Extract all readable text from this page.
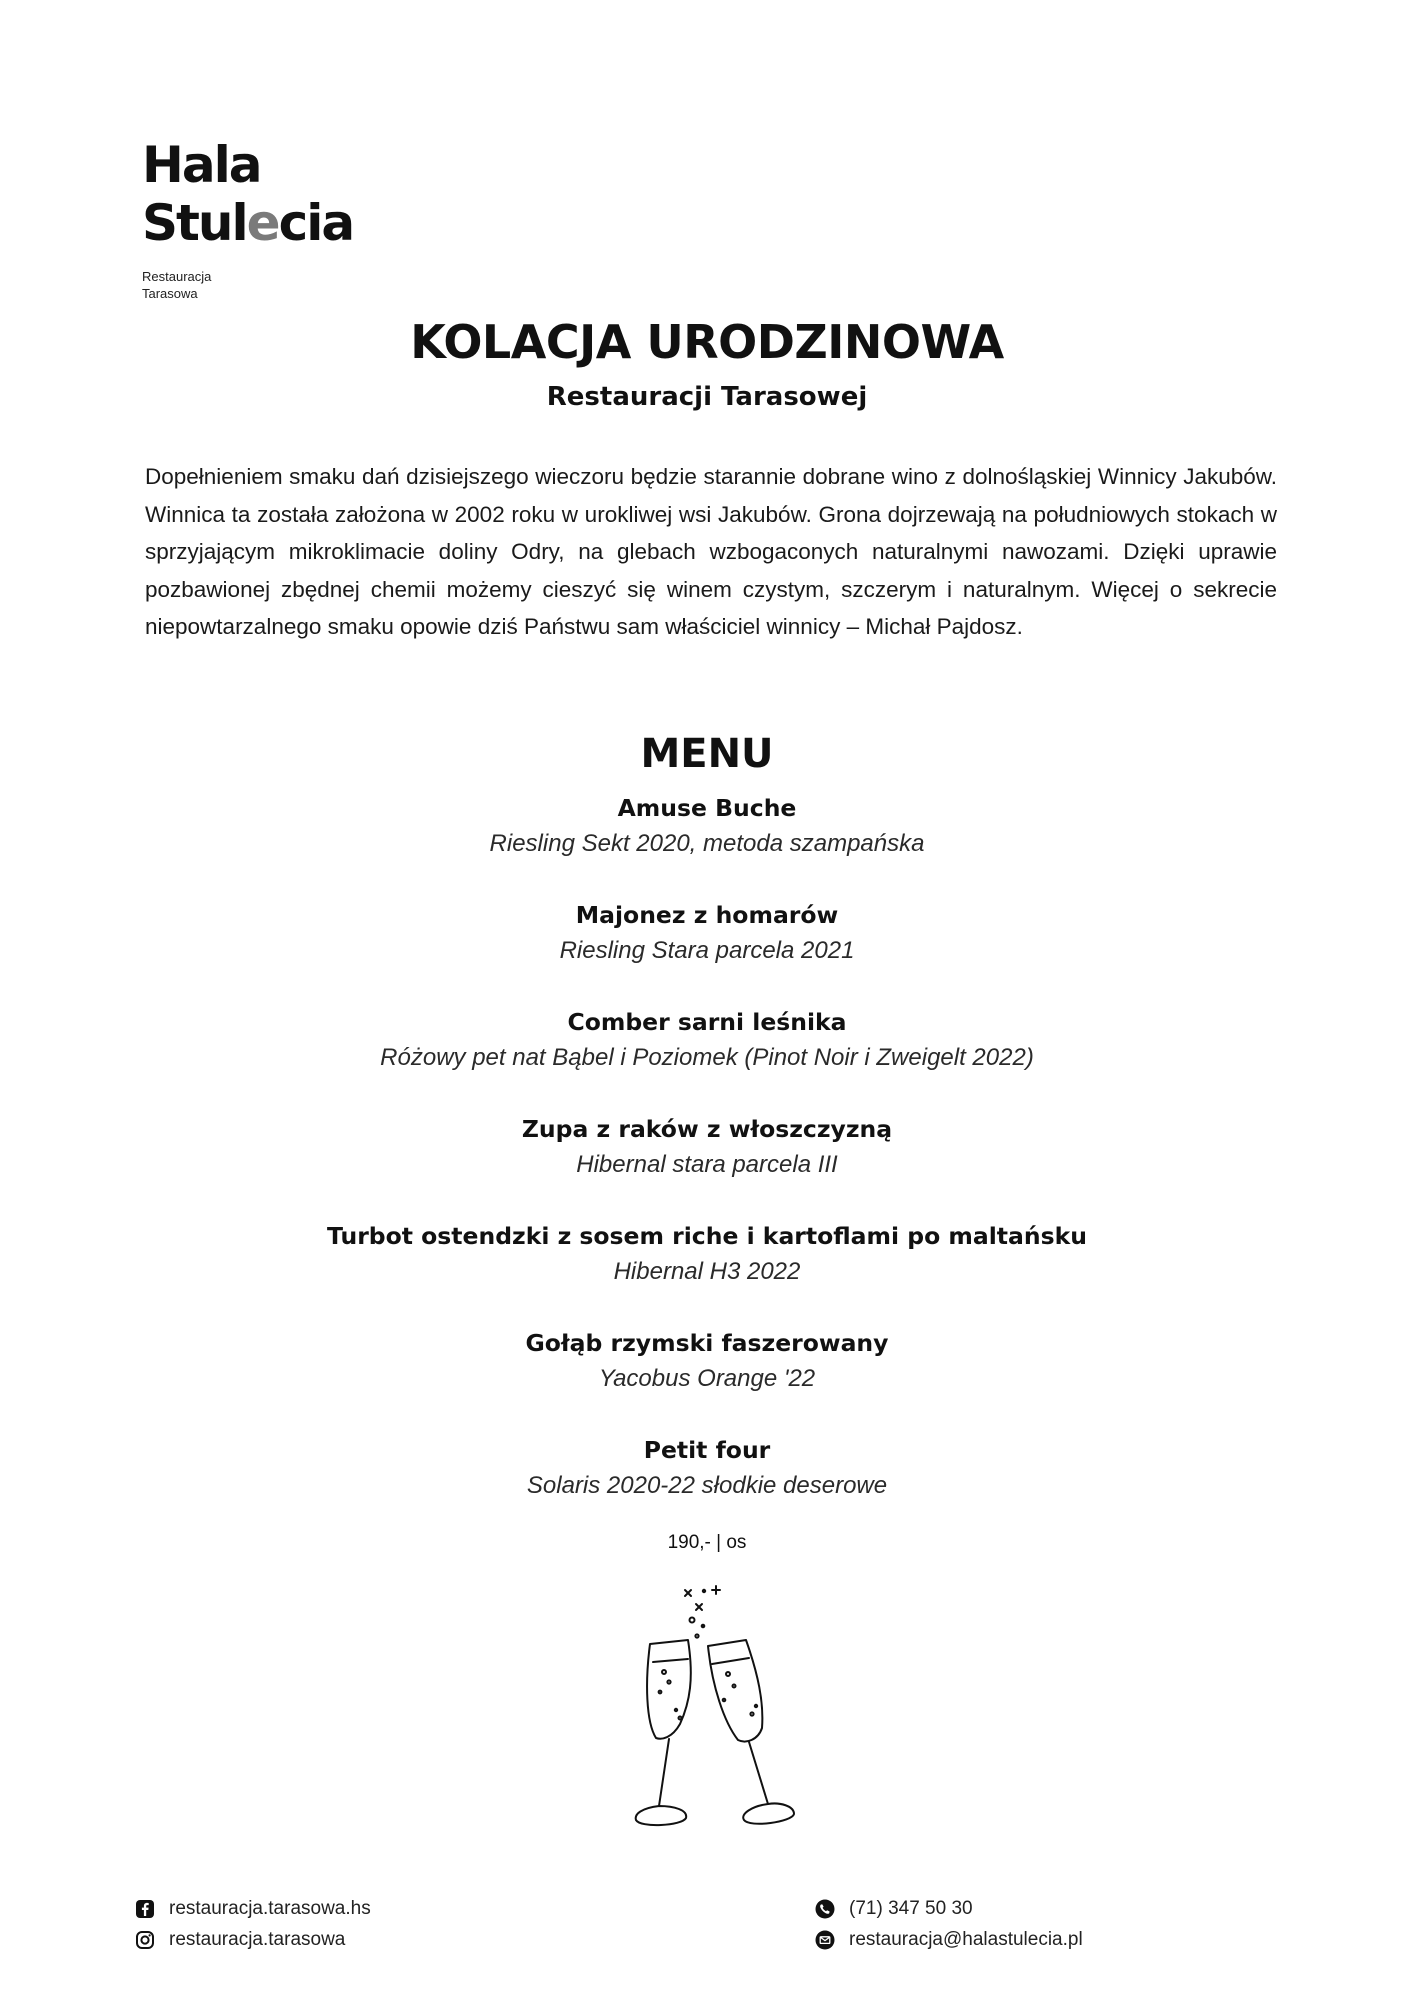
Hala
Stulecia
Restauracja
Tarasowa
KOLACJA URODZINOWA
Restauracji Tarasowej
Dopełnieniem smaku dań dzisiejszego wieczoru będzie starannie dobrane wino z dolnośląskiej Winnicy Jakubów. Winnica ta została założona w 2002 roku w urokliwej wsi Jakubów. Grona dojrzewają na południowych stokach w sprzyjającym mikroklimacie doliny Odry, na glebach wzbogaconych naturalnymi nawozami. Dzięki uprawie pozbawionej zbędnej chemii możemy cieszyć się winem czystym, szczerym i naturalnym. Więcej o sekrecie niepowtarzalnego smaku opowie dziś Państwu sam właściciel winnicy – Michał Pajdosz.
MENU
Amuse Buche
Riesling Sekt 2020, metoda szampańska
Majonez z homarów
Riesling Stara parcela 2021
Comber sarni leśnika
Różowy pet nat Bąbel i Poziomek (Pinot Noir i Zweigelt 2022)
Zupa z raków z włoszczyzną
Hibernal stara parcela III
Turbot ostendzki z sosem riche i kartoflami po maltańsku
Hibernal H3 2022
Gołąb rzymski faszerowany
Yacobus Orange '22
Petit four
Solaris 2020-22 słodkie deserowe
190,- | os
restauracja.tarasowa.hs
restauracja.tarasowa
(71) 347 50 30
restauracja@halastulecia.pl
